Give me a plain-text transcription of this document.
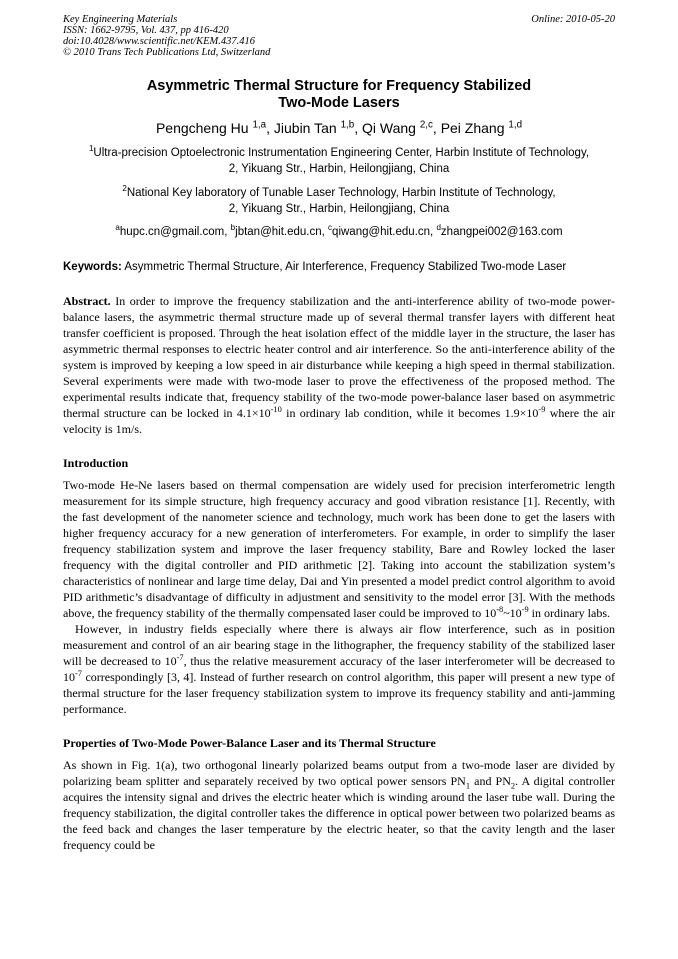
Key Engineering Materials
ISSN: 1662-9795, Vol. 437, pp 416-420
doi:10.4028/www.scientific.net/KEM.437.416
© 2010 Trans Tech Publications Ltd, Switzerland
Online: 2010-05-20
Asymmetric Thermal Structure for Frequency Stabilized
Two-Mode Lasers
Pengcheng Hu $^{1,a}$, Jiubin Tan $^{1,b}$, Qi Wang $^{2,c}$, Pei Zhang $^{1,d}$
$^1$Ultra-precision Optoelectronic Instrumentation Engineering Center, Harbin Institute of Technology,
2, Yikuang Str., Harbin, Heilongjiang, China
$^2$National Key laboratory of Tunable Laser Technology, Harbin Institute of Technology,
2, Yikuang Str., Harbin, Heilongjiang, China
$^a$hupc.cn@gmail.com, $^b$jbtan@hit.edu.cn, $^c$qiwang@hit.edu.cn, $^d$zhangpei002@163.com
Keywords: Asymmetric Thermal Structure, Air Interference, Frequency Stabilized Two-mode Laser

Abstract. In order to improve the frequency stabilization and the anti-interference ability of two-mode power-balance lasers, the asymmetric thermal structure made up of several thermal transfer layers with different heat transfer coefficient is proposed. Through the heat isolation effect of the middle layer in the structure, the laser has asymmetric thermal responses to electric heater control and air interference. So the anti-interference ability of the system is improved by keeping a low speed in air disturbance while keeping a high speed in thermal stabilization. Several experiments were made with two-mode laser to prove the effectiveness of the proposed method. The experimental results indicate that, frequency stability of the two-mode power-balance laser based on asymmetric thermal structure can be locked in $4.1\times 10^{-10}$ in ordinary lab condition, while it becomes $1.9\times 10^{-9}$ where the air velocity is 1m/s.

Introduction

Two-mode He-Ne lasers based on thermal compensation are widely used for precision interferometric length measurement for its simple structure, high frequency accuracy and good vibration resistance [1]. Recently, with the fast development of the nanometer science and technology, much work has been done to get the lasers with higher frequency accuracy for a new generation of interferometers. For example, in order to simplify the laser frequency stabilization system and improve the laser frequency stability, Bare and Rowley locked the laser frequency with the digital controller and PID arithmetic [2]. Taking into account the stabilization system’s characteristics of nonlinear and large time delay, Dai and Yin presented a model predict control algorithm to avoid PID arithmetic’s disadvantage of difficulty in adjustment and sensitivity to the model error [3]. With the methods above, the frequency stability of the thermally compensated laser could be improved to $10^{-8}\sim 10^{-9}$ in ordinary labs.

However, in industry fields especially where there is always air flow interference, such as in position measurement and control of an air bearing stage in the lithographer, the frequency stability of the stabilized laser will be decreased to $10^{-7}$, thus the relative measurement accuracy of the laser interferometer will be decreased to $10^{-7}$ correspondingly [3, 4]. Instead of further research on control algorithm, this paper will present a new type of thermal structure for the laser frequency stabilization system to improve its frequency stability and anti-jamming performance.

Properties of Two-Mode Power-Balance Laser and its Thermal Structure

As shown in Fig. 1(a), two orthogonal linearly polarized beams output from a two-mode laser are divided by polarizing beam splitter and separately received by two optical power sensors $PN_1$ and $PN_2$. A digital controller acquires the intensity signal and drives the electric heater which is winding around the laser tube wall. During the frequency stabilization, the digital controller takes the difference in optical power between two polarized beams as the feed back and changes the laser temperature by the electric heater, so that the cavity length and the laser frequency could be
